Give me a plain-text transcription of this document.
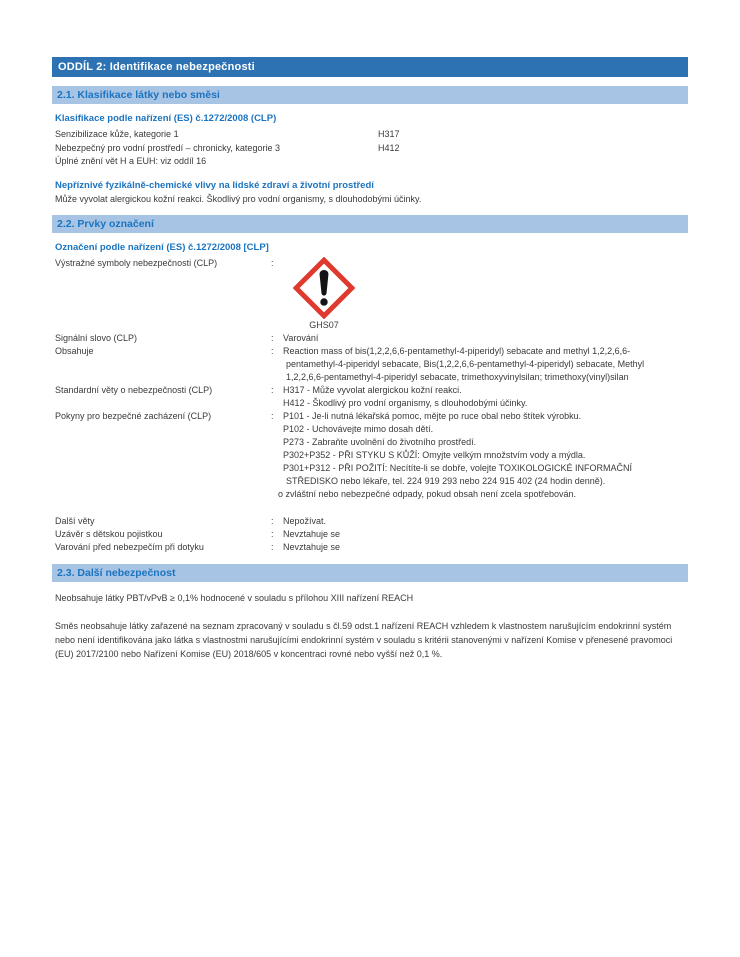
ODDÍL 2: Identifikace nebezpečnosti
2.1. Klasifikace látky nebo směsi
Klasifikace podle nařízení (ES) č.1272/2008 (CLP)
Senzibilizace kůže, kategorie 1	H317
Nebezpečný pro vodní prostředí – chronicky, kategorie 3	H412
Úplné znění vět H a EUH: viz oddíl 16
Nepříznivé fyzikálně-chemické vlivy na lidské zdraví a životní prostředí
Může vyvolat alergickou kožní reakci. Škodlivý pro vodní organismy, s dlouhodobými účinky.
2.2. Prvky označení
Označení podle nařízení (ES) č.1272/2008 [CLP]
Výstražné symboly nebezpečnosti (CLP)	:
GHS07
Signální slovo (CLP)	:	Varování
Obsahuje	:	Reaction mass of bis(1,2,2,6,6-pentamethyl-4-piperidyl) sebacate and methyl 1,2,2,6,6-
pentamethyl-4-piperidyl sebacate, Bis(1,2,2,6,6-pentamethyl-4-piperidyl) sebacate, Methyl
1,2,2,6,6-pentamethyl-4-piperidyl sebacate, trimethoxyvinylsilan; trimethoxy(vinyl)silan
Standardní věty o nebezpečnosti (CLP)	:	H317 - Může vyvolat alergickou kožní reakci.
H412 - Škodlivý pro vodní organismy, s dlouhodobými účinky.
Pokyny pro bezpečné zacházení (CLP)	:	P101 - Je-li nutná lékařská pomoc, mějte po ruce obal nebo štítek výrobku.
P102 - Uchovávejte mimo dosah dětí.
P273 - Zabraňte uvolnění do životního prostředí.
P302+P352 - PŘI STYKU S KŮŽÍ: Omyjte velkým množstvím vody a mýdla.
P301+P312 - PŘI POŽITÍ: Necítíte-li se dobře, volejte TOXIKOLOGICKÉ INFORMAČNÍ
STŘEDISKO nebo lékaře, tel. 224 919 293 nebo 224 915 402 (24 hodin denně).
o zvláštní nebo nebezpečné odpady, pokud obsah není zcela spotřebován.
Další věty	:	Nepožívat.
Uzávěr s dětskou pojistkou	:	Nevztahuje se
Varování před nebezpečím při dotyku	:	Nevztahuje se
2.3. Další nebezpečnost
Neobsahuje látky PBT/vPvB ≥ 0,1% hodnocené v souladu s přílohou XIII nařízení REACH
Směs neobsahuje látky zařazené na seznam zpracovaný v souladu s čl.59 odst.1 nařízení REACH vzhledem k vlastnostem narušujícím endokrinní systém nebo není identifikována jako látka s vlastnostmi narušujícími endokrinní systém v souladu s kritérii stanovenými v nařízení Komise v přenesené pravomoci (EU) 2017/2100 nebo Nařízení Komise (EU) 2018/605 v koncentraci rovné nebo vyšší než 0,1 %.
